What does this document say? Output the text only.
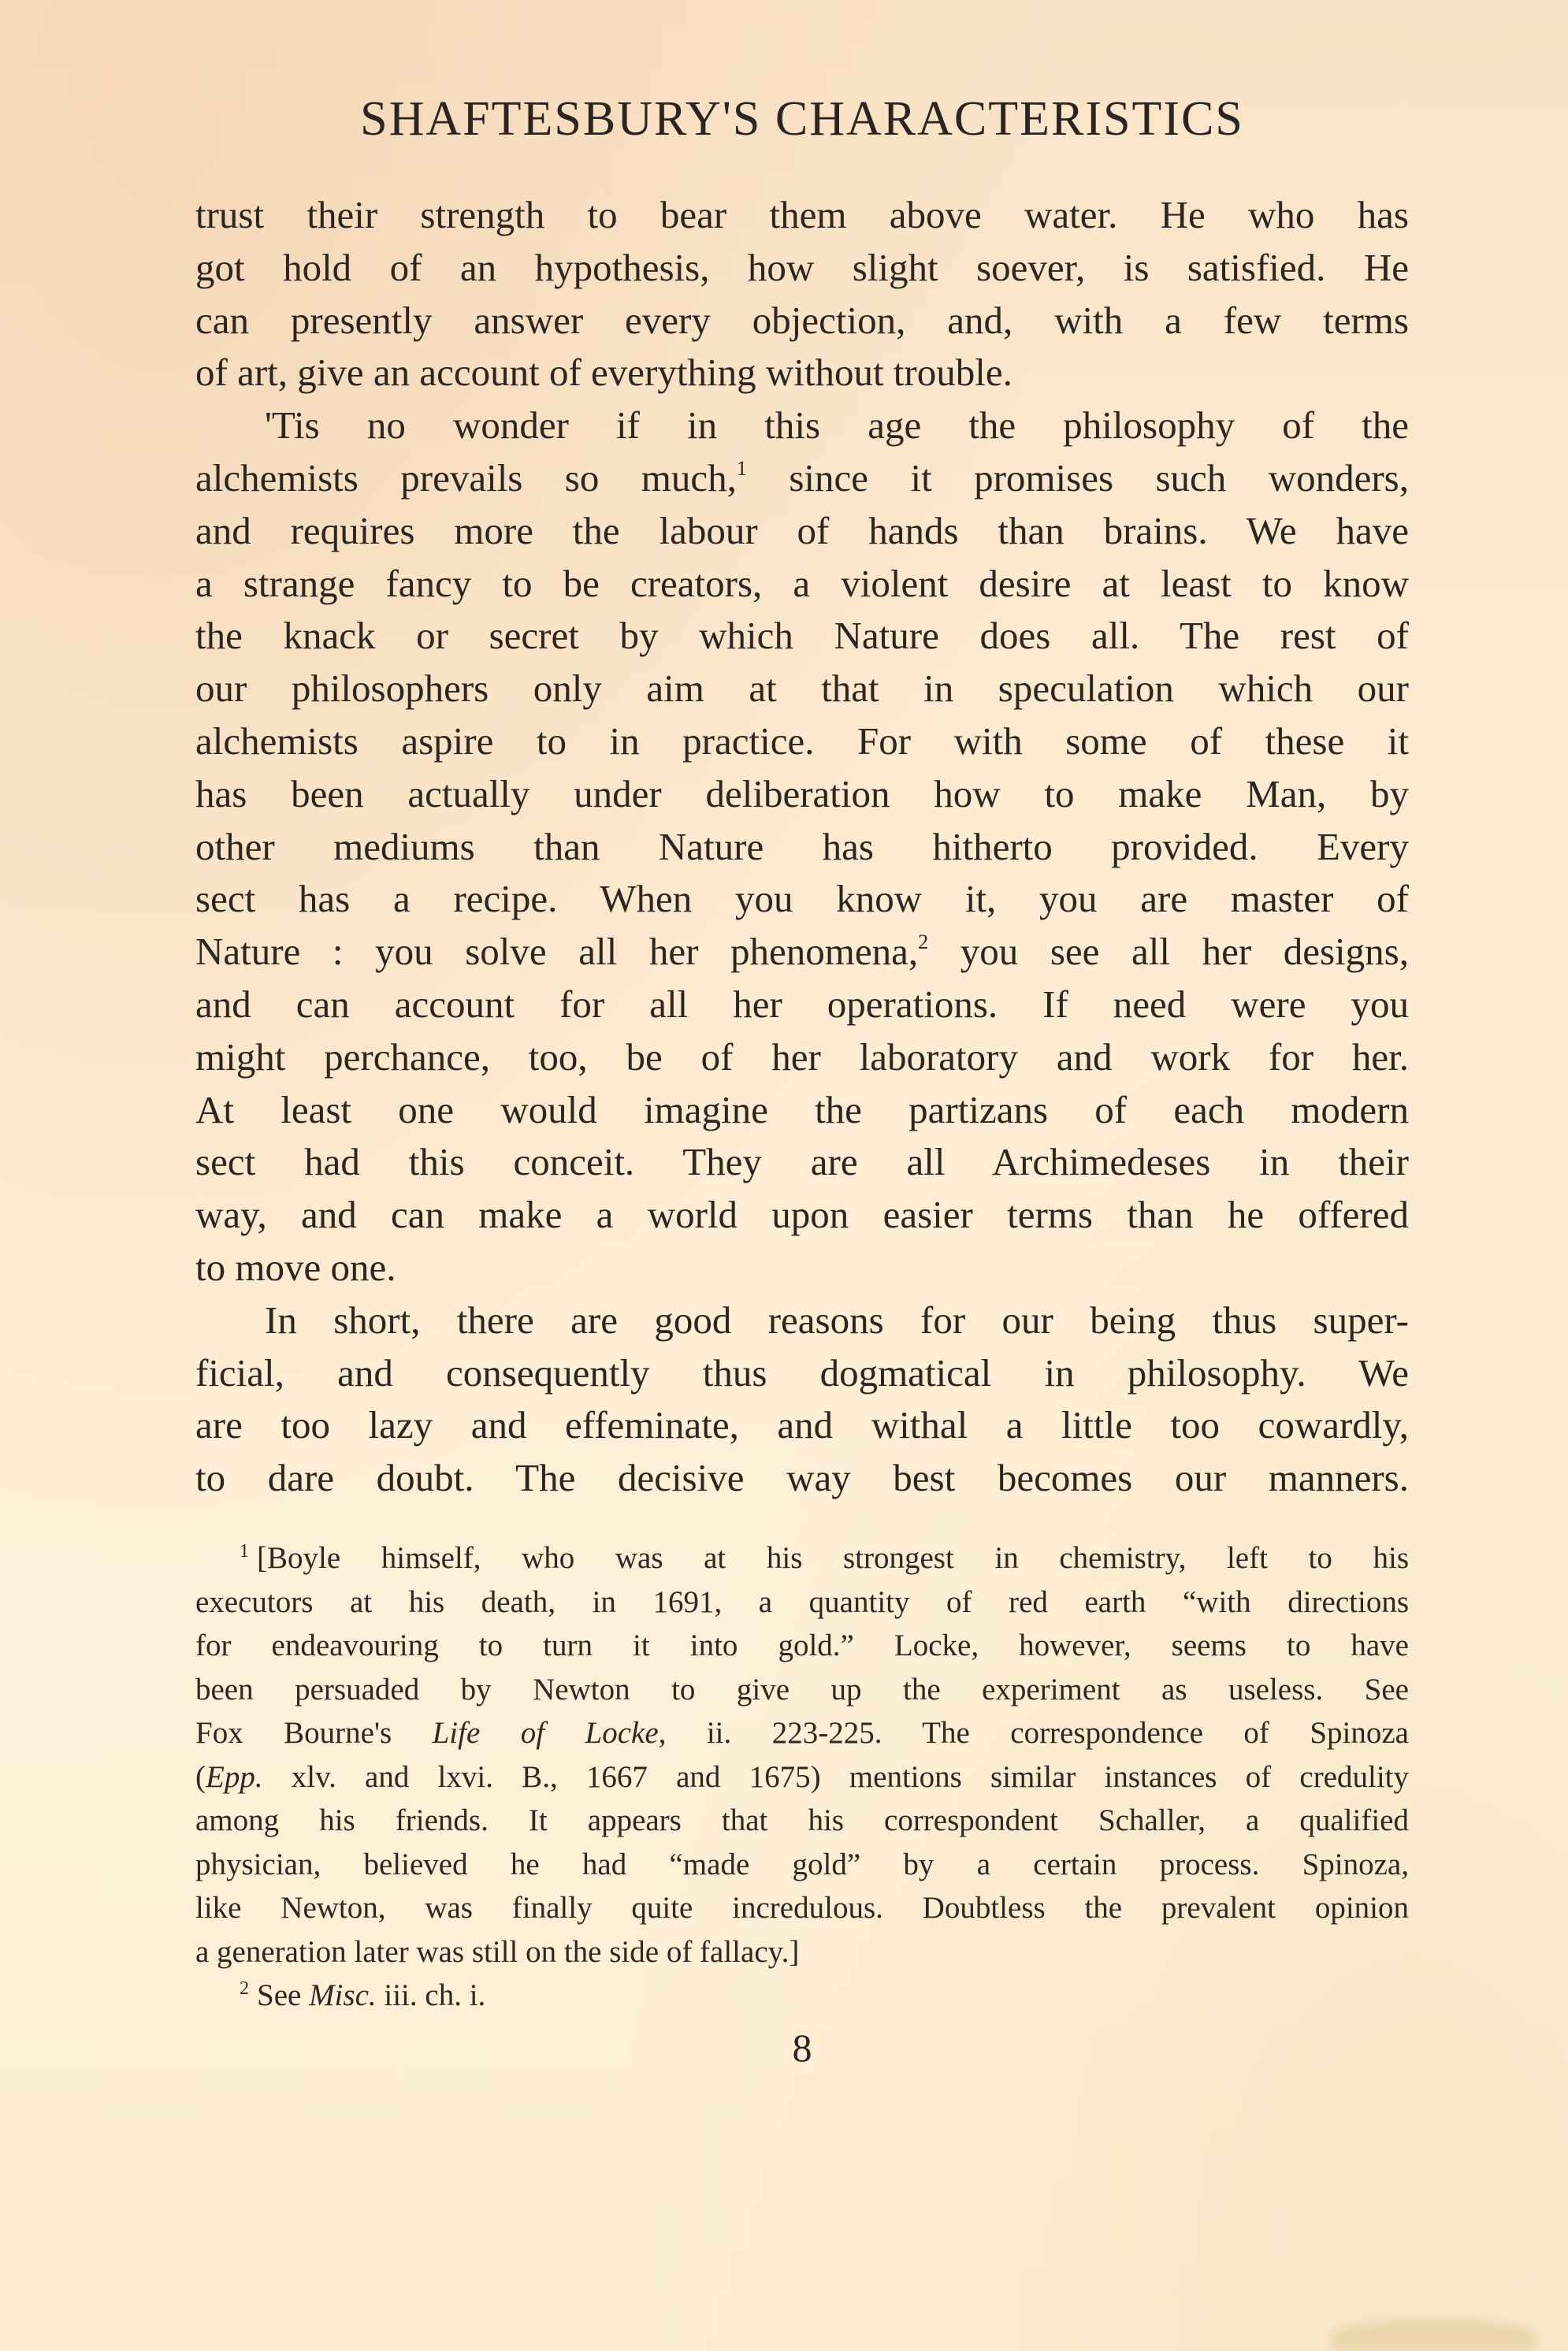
SHAFTESBURY'S CHARACTERISTICS
trust their strength to bear them above water. He who has
got hold of an hypothesis, how slight soever, is satisfied. He
can presently answer every objection, and, with a few terms
of art, give an account of everything without trouble.
'Tis no wonder if in this age the philosophy of the
alchemists prevails so much,$^1$ since it promises such wonders,
and requires more the labour of hands than brains. We have
a strange fancy to be creators, a violent desire at least to know
the knack or secret by which Nature does all. The rest of
our philosophers only aim at that in speculation which our
alchemists aspire to in practice. For with some of these it
has been actually under deliberation how to make Man, by
other mediums than Nature has hitherto provided. Every
sect has a recipe. When you know it, you are master of
Nature : you solve all her phenomena,$^2$ you see all her designs,
and can account for all her operations. If need were you
might perchance, too, be of her laboratory and work for her.
At least one would imagine the partizans of each modern
sect had this conceit. They are all Archimedeses in their
way, and can make a world upon easier terms than he offered
to move one.
In short, there are good reasons for our being thus super-
ficial, and consequently thus dogmatical in philosophy. We
are too lazy and effeminate, and withal a little too cowardly,
to dare doubt. The decisive way best becomes our manners.
$^1$ [Boyle himself, who was at his strongest in chemistry, left to his
executors at his death, in 1691, a quantity of red earth “with directions
for endeavouring to turn it into gold.” Locke, however, seems to have
been persuaded by Newton to give up the experiment as useless. See
Fox Bourne's Life of Locke, ii. 223-225. The correspondence of Spinoza
(Epp. xlv. and lxvi. B., 1667 and 1675) mentions similar instances of credulity
among his friends. It appears that his correspondent Schaller, a qualified
physician, believed he had “made gold” by a certain process. Spinoza,
like Newton, was finally quite incredulous. Doubtless the prevalent opinion
a generation later was still on the side of fallacy.]
$^2$ See Misc. iii. ch. i.
8
